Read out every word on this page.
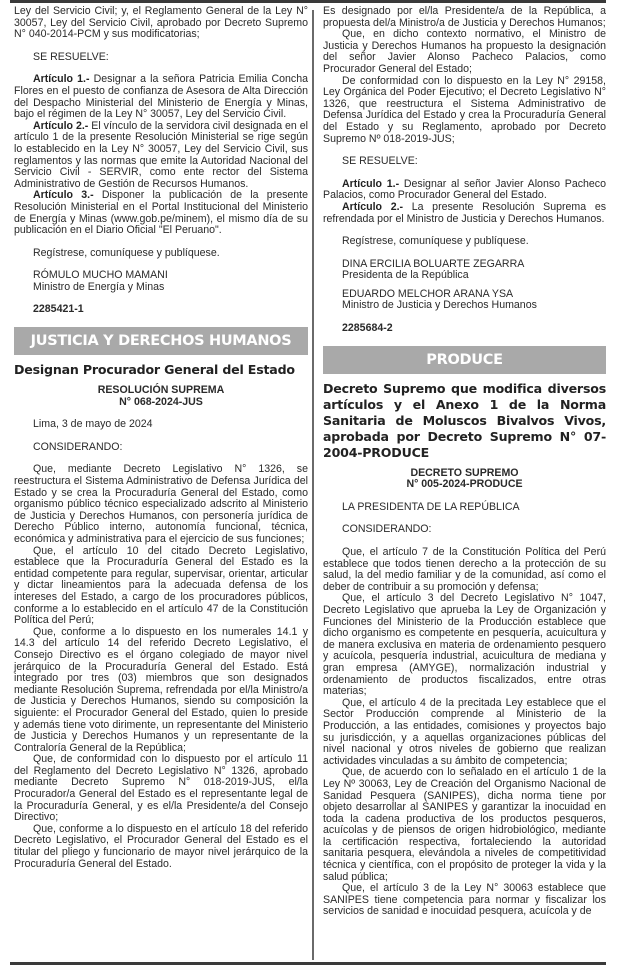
Ley del Servicio Civil; y, el Reglamento General de la Ley N° 30057, Ley del Servicio Civil, aprobado por Decreto Supremo N° 040-2014-PCM y sus modificatorias;

SE RESUELVE:

Artículo 1.- Designar a la señora Patricia Emilia Concha Flores en el puesto de confianza de Asesora de Alta Dirección del Despacho Ministerial del Ministerio de Energía y Minas, bajo el régimen de la Ley N° 30057, Ley del Servicio Civil.

Artículo 2.- El vínculo de la servidora civil designada en el artículo 1 de la presente Resolución Ministerial se rige según lo establecido en la Ley N° 30057, Ley del Servicio Civil, sus reglamentos y las normas que emite la Autoridad Nacional del Servicio Civil - SERVIR, como ente rector del Sistema Administrativo de Gestión de Recursos Humanos.

Artículo 3.- Disponer la publicación de la presente Resolución Ministerial en el Portal Institucional del Ministerio de Energía y Minas (www.gob.pe/minem), el mismo día de su publicación en el Diario Oficial "El Peruano".

Regístrese, comuníquese y publíquese.

RÓMULO MUCHO MAMANI

Ministro de Energía y Minas

2285421-1

JUSTICIA Y DERECHOS HUMANOS
Designan Procurador General del Estado
RESOLUCIÓN SUPREMA
N° 068-2024-JUS

Lima, 3 de mayo de 2024

CONSIDERANDO:

Que, mediante Decreto Legislativo N° 1326, se reestructura el Sistema Administrativo de Defensa Jurídica del Estado y se crea la Procuraduría General del Estado, como organismo público técnico especializado adscrito al Ministerio de Justicia y Derechos Humanos, con personería jurídica de Derecho Público interno, autonomía funcional, técnica, económica y administrativa para el ejercicio de sus funciones;

Que, el artículo 10 del citado Decreto Legislativo, establece que la Procuraduría General del Estado es la entidad competente para regular, supervisar, orientar, articular y dictar lineamientos para la adecuada defensa de los intereses del Estado, a cargo de los procuradores públicos, conforme a lo establecido en el artículo 47 de la Constitución Política del Perú;

Que, conforme a lo dispuesto en los numerales 14.1 y 14.3 del artículo 14 del referido Decreto Legislativo, el Consejo Directivo es el órgano colegiado de mayor nivel jerárquico de la Procuraduría General del Estado. Está integrado por tres (03) miembros que son designados mediante Resolución Suprema, refrendada por el/la Ministro/a de Justicia y Derechos Humanos, siendo su composición la siguiente: el Procurador General del Estado, quien lo preside y además tiene voto dirimente, un representante del Ministerio de Justicia y Derechos Humanos y un representante de la Contraloría General de la República;

Que, de conformidad con lo dispuesto por el artículo 11 del Reglamento del Decreto Legislativo N° 1326, aprobado mediante Decreto Supremo N° 018-2019-JUS, el/la Procurador/a General del Estado es el representante legal de la Procuraduría General, y es el/la Presidente/a del Consejo Directivo;

Que, conforme a lo dispuesto en el artículo 18 del referido Decreto Legislativo, el Procurador General del Estado es el titular del pliego y funcionario de mayor nivel jerárquico de la Procuraduría General del Estado.

Es designado por el/la Presidente/a de la República, a propuesta del/a Ministro/a de Justicia y Derechos Humanos;

Que, en dicho contexto normativo, el Ministro de Justicia y Derechos Humanos ha propuesto la designación del señor Javier Alonso Pacheco Palacios, como Procurador General del Estado;

De conformidad con lo dispuesto en la Ley N° 29158, Ley Orgánica del Poder Ejecutivo; el Decreto Legislativo N° 1326, que reestructura el Sistema Administrativo de Defensa Jurídica del Estado y crea la Procuraduría General del Estado y su Reglamento, aprobado por Decreto Supremo Nº 018-2019-JUS;

SE RESUELVE:

Artículo 1.- Designar al señor Javier Alonso Pacheco Palacios, como Procurador General del Estado.

Artículo 2.- La presente Resolución Suprema es refrendada por el Ministro de Justicia y Derechos Humanos.

Regístrese, comuníquese y publíquese.

DINA ERCILIA BOLUARTE ZEGARRA

Presidenta de la República

EDUARDO MELCHOR ARANA YSA

Ministro de Justicia y Derechos Humanos

2285684-2

PRODUCE
Decreto Supremo que modifica diversos artículos y el Anexo 1 de la Norma Sanitaria de Moluscos Bivalvos Vivos, aprobada por Decreto Supremo N° 07-2004-PRODUCE
DECRETO SUPREMO
N° 005-2024-PRODUCE

LA PRESIDENTA DE LA REPÚBLICA

CONSIDERANDO:

Que, el artículo 7 de la Constitución Política del Perú establece que todos tienen derecho a la protección de su salud, la del medio familiar y de la comunidad, así como el deber de contribuir a su promoción y defensa;

Que, el artículo 3 del Decreto Legislativo N° 1047, Decreto Legislativo que aprueba la Ley de Organización y Funciones del Ministerio de la Producción establece que dicho organismo es competente en pesquería, acuicultura y de manera exclusiva en materia de ordenamiento pesquero y acuícola, pesquería industrial, acuicultura de mediana y gran empresa (AMYGE), normalización industrial y ordenamiento de productos fiscalizados, entre otras materias;

Que, el artículo 4 de la precitada Ley establece que el Sector Producción comprende al Ministerio de la Producción, a las entidades, comisiones y proyectos bajo su jurisdicción, y a aquellas organizaciones públicas del nivel nacional y otros niveles de gobierno que realizan actividades vinculadas a su ámbito de competencia;

Que, de acuerdo con lo señalado en el artículo 1 de la Ley Nº 30063, Ley de Creación del Organismo Nacional de Sanidad Pesquera (SANIPES), dicha norma tiene por objeto desarrollar al SANIPES y garantizar la inocuidad en toda la cadena productiva de los productos pesqueros, acuícolas y de piensos de origen hidrobiológico, mediante la certificación respectiva, fortaleciendo la autoridad sanitaria pesquera, elevándola a niveles de competitividad técnica y científica, con el propósito de proteger la vida y la salud pública;

Que, el artículo 3 de la Ley N° 30063 establece que SANIPES tiene competencia para normar y fiscalizar los servicios de sanidad e inocuidad pesquera, acuícola y de
